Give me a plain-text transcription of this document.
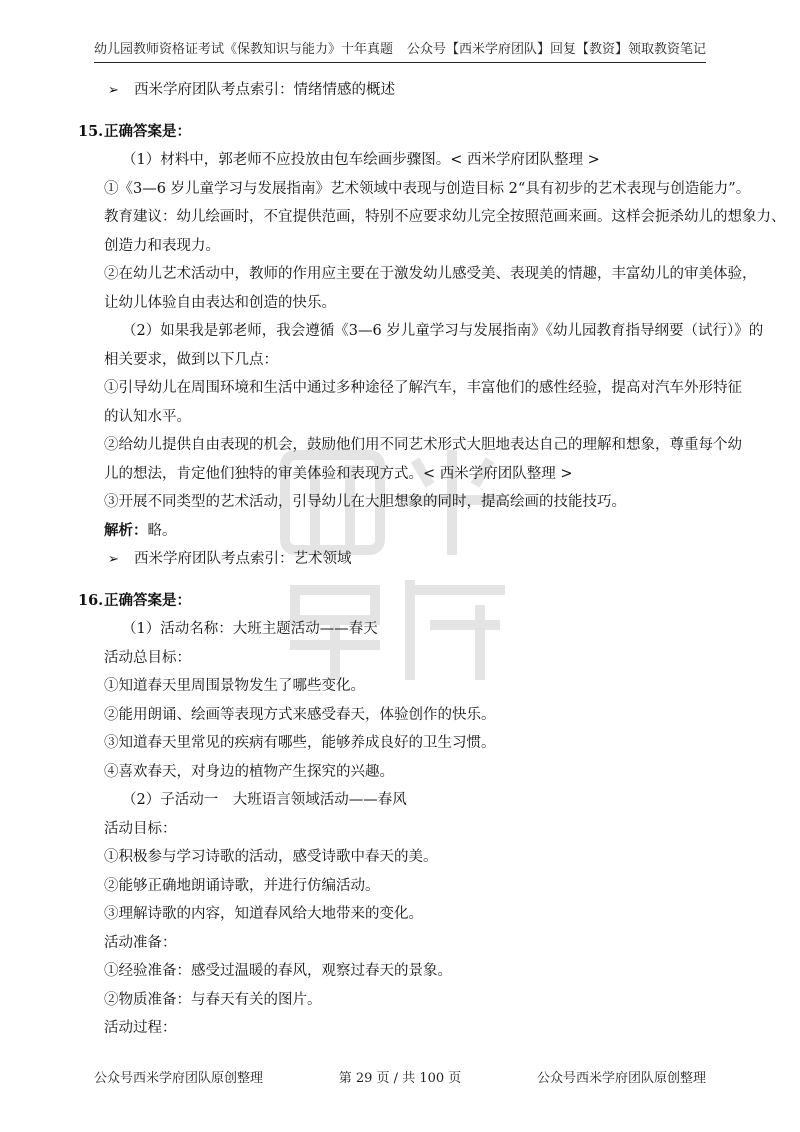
幼儿园教师资格证考试《保教知识与能力》十年真题 公众号【西米学府团队】回复【教资】领取教资笔记

➢ 西米学府团队考点索引：情绪情感的概述

15.正确答案是：

（1）材料中，郭老师不应投放由包车绘画步骤图。< 西米学府团队整理 >

①《3—6 岁儿童学习与发展指南》艺术领域中表现与创造目标 2“具有初步的艺术表现与创造能力”。

教育建议：幼儿绘画时，不宜提供范画，特别不应要求幼儿完全按照范画来画。这样会扼杀幼儿的想象力、

创造力和表现力。

②在幼儿艺术活动中，教师的作用应主要在于激发幼儿感受美、表现美的情趣，丰富幼儿的审美体验，

让幼儿体验自由表达和创造的快乐。

（2）如果我是郭老师，我会遵循《3—6 岁儿童学习与发展指南》《幼儿园教育指导纲要（试行）》的

相关要求，做到以下几点：

①引导幼儿在周围环境和生活中通过多种途径了解汽车，丰富他们的感性经验，提高对汽车外形特征

的认知水平。

②给幼儿提供自由表现的机会，鼓励他们用不同艺术形式大胆地表达自己的理解和想象，尊重每个幼

儿的想法，肯定他们独特的审美体验和表现方式。< 西米学府团队整理 >

③开展不同类型的艺术活动，引导幼儿在大胆想象的同时，提高绘画的技能技巧。

解析：略。

➢ 西米学府团队考点索引：艺术领域

16.正确答案是：

（1）活动名称：大班主题活动——春天

活动总目标：

①知道春天里周围景物发生了哪些变化。

②能用朗诵、绘画等表现方式来感受春天，体验创作的快乐。

③知道春天里常见的疾病有哪些，能够养成良好的卫生习惯。

④喜欢春天，对身边的植物产生探究的兴趣。

（2）子活动一　大班语言领域活动——春风

活动目标：

①积极参与学习诗歌的活动，感受诗歌中春天的美。

②能够正确地朗诵诗歌，并进行仿编活动。

③理解诗歌的内容，知道春风给大地带来的变化。

活动准备：

①经验准备：感受过温暖的春风，观察过春天的景象。

②物质准备：与春天有关的图片。

活动过程：

公众号西米学府团队原创整理	第 29 页 / 共 100 页	公众号西米学府团队原创整理
